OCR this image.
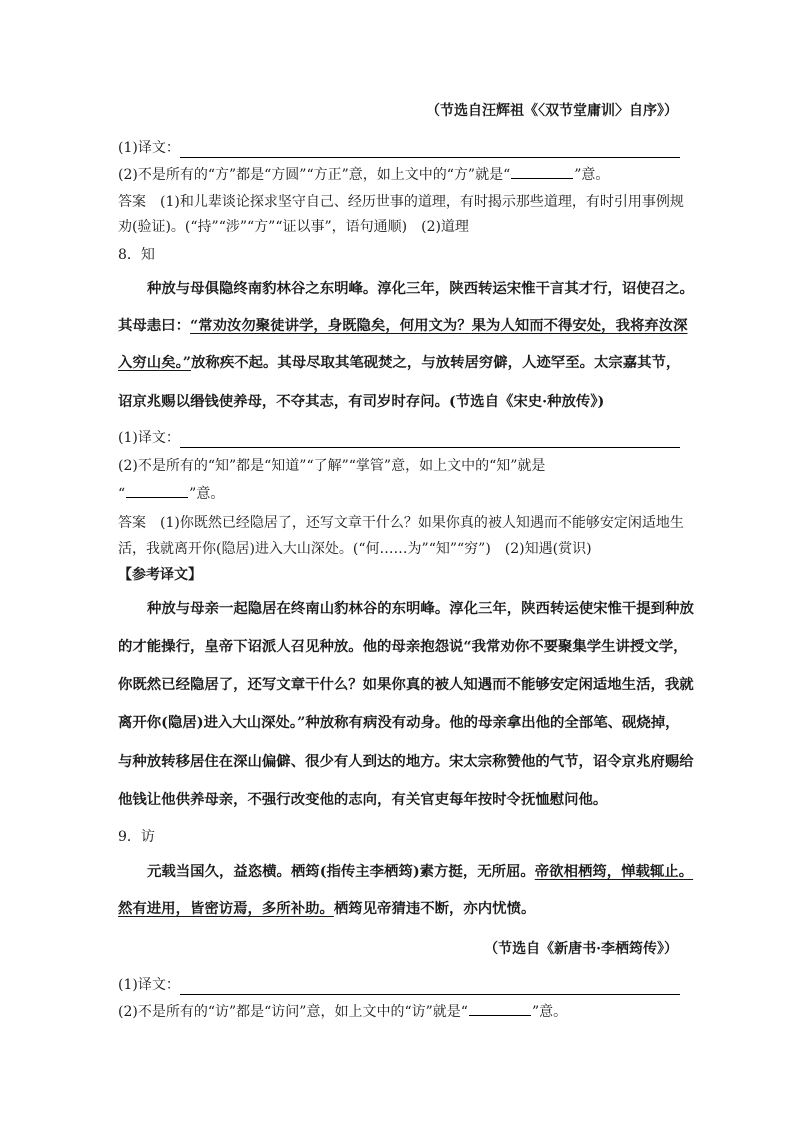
（节选自汪辉祖《〈双节堂庸训〉自序》）
(1)译文：
(2)不是所有的“方”都是“方圆”“方正”意，如上文中的“方”就是“	”意。
答案　(1)和儿辈谈论探求坚守自己、经历世事的道理，有时揭示那些道理，有时引用事例规
劝(验证)。(“持”“涉”“方”“证以事”，语句通顺)　(2)道理
8．知
种放与母俱隐终南豹林谷之东明峰。淳化三年，陕西转运宋惟干言其才行，诏使召之。
其母恚曰：“常劝汝勿聚徒讲学，身既隐矣，何用文为？果为人知而不得安处，我将弃汝深
入穷山矣。”放称疾不起。其母尽取其笔砚焚之，与放转居穷僻，人迹罕至。太宗嘉其节，
诏京兆赐以缗钱使养母，不夺其志，有司岁时存问。(节选自《宋史·种放传》)
(1)译文：
(2)不是所有的“知”都是“知道”“了解”“掌管”意，如上文中的“知”就是
“	”意。
答案　(1)你既然已经隐居了，还写文章干什么？如果你真的被人知遇而不能够安定闲适地生
活，我就离开你(隐居)进入大山深处。(“何……为”“知”“穷”)　(2)知遇(赏识)
【参考译文】
种放与母亲一起隐居在终南山豹林谷的东明峰。淳化三年，陕西转运使宋惟干提到种放
的才能操行，皇帝下诏派人召见种放。他的母亲抱怨说“我常劝你不要聚集学生讲授文学，
你既然已经隐居了，还写文章干什么？如果你真的被人知遇而不能够安定闲适地生活，我就
离开你(隐居)进入大山深处。”种放称有病没有动身。他的母亲拿出他的全部笔、砚烧掉，
与种放转移居住在深山偏僻、很少有人到达的地方。宋太宗称赞他的气节，诏令京兆府赐给
他钱让他供养母亲，不强行改变他的志向，有关官吏每年按时令抚恤慰问他。
9．访
元载当国久，益恣横。栖筠(指传主李栖筠)素方挺，无所屈。帝欲相栖筠，惮载辄止。
然有进用，皆密访焉，多所补助。栖筠见帝猜违不断，亦内忧愤。
（节选自《新唐书·李栖筠传》）
(1)译文：
(2)不是所有的“访”都是“访问”意，如上文中的“访”就是“	”意。
